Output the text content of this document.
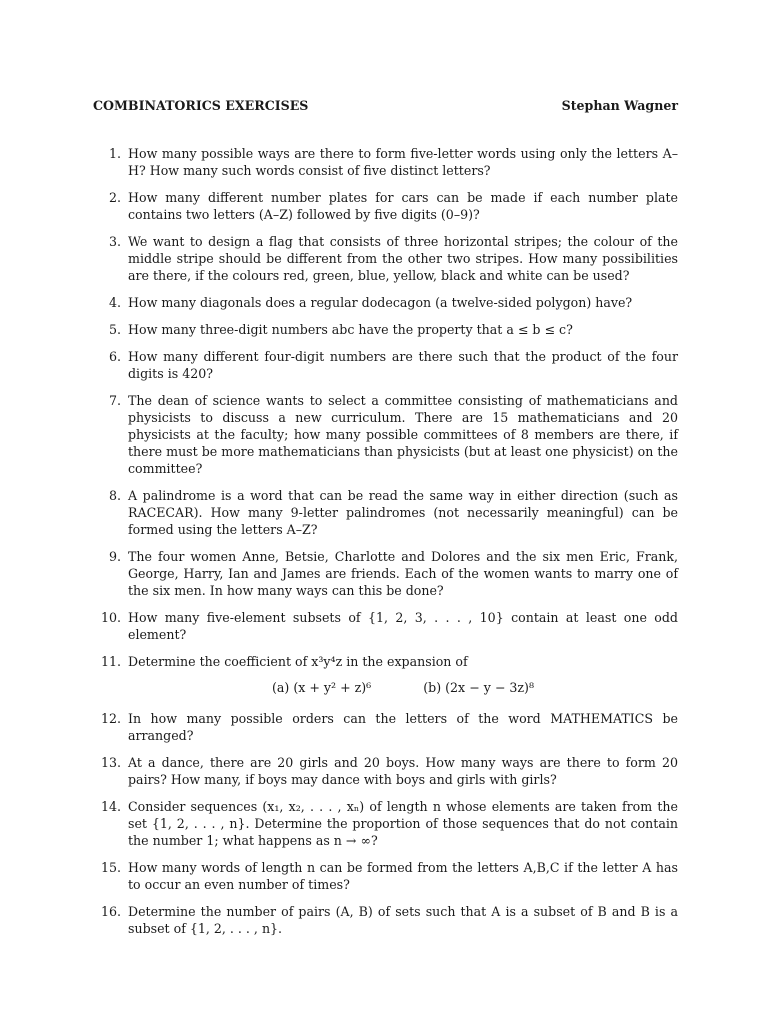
COMBINATORICS EXERCISES	Stephan Wagner
1. How many possible ways are there to form five-letter words using only the letters A–H? How many such words consist of five distinct letters?
2. How many different number plates for cars can be made if each number plate contains two letters (A–Z) followed by five digits (0–9)?
3. We want to design a flag that consists of three horizontal stripes; the colour of the middle stripe should be different from the other two stripes. How many possibilities are there, if the colours red, green, blue, yellow, black and white can be used?
4. How many diagonals does a regular dodecagon (a twelve-sided polygon) have?
5. How many three-digit numbers abc have the property that a ≤ b ≤ c?
6. How many different four-digit numbers are there such that the product of the four digits is 420?
7. The dean of science wants to select a committee consisting of mathematicians and physicists to discuss a new curriculum. There are 15 mathematicians and 20 physicists at the faculty; how many possible committees of 8 members are there, if there must be more mathematicians than physicists (but at least one physicist) on the committee?
8. A palindrome is a word that can be read the same way in either direction (such as RACECAR). How many 9-letter palindromes (not necessarily meaningful) can be formed using the letters A–Z?
9. The four women Anne, Betsie, Charlotte and Dolores and the six men Eric, Frank, George, Harry, Ian and James are friends. Each of the women wants to marry one of the six men. In how many ways can this be done?
10. How many five-element subsets of {1, 2, 3, . . . , 10} contain at least one odd element?
11. Determine the coefficient of x³y⁴z in the expansion of
(a) (x + y² + z)⁶	(b) (2x − y − 3z)⁸
12. In how many possible orders can the letters of the word MATHEMATICS be arranged?
13. At a dance, there are 20 girls and 20 boys. How many ways are there to form 20 pairs? How many, if boys may dance with boys and girls with girls?
14. Consider sequences (x₁, x₂, . . . , xₙ) of length n whose elements are taken from the set {1, 2, . . . , n}. Determine the proportion of those sequences that do not contain the number 1; what happens as n → ∞?
15. How many words of length n can be formed from the letters A,B,C if the letter A has to occur an even number of times?
16. Determine the number of pairs (A, B) of sets such that A is a subset of B and B is a subset of {1, 2, . . . , n}.
